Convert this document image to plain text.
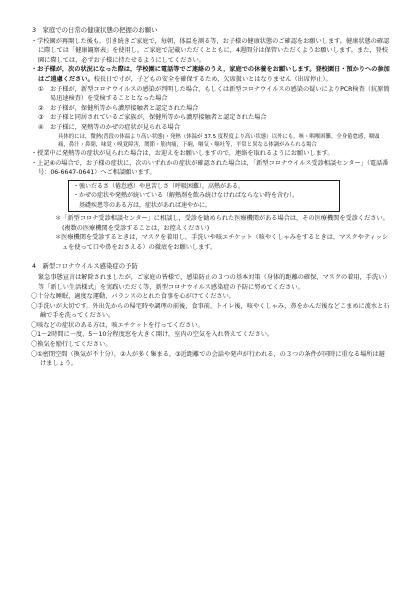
3　家庭での日常の健康状態の把握のお願い

・学校園が再開した後も，引き続きご家庭で，毎朝，体温を測る等，お子様の健康状態のご確認をお願いします。健康状態の確認に際しては「健康観察表」を使用し，ご家庭で記載いただくとともに，4週間分は保管いただくようお願いします。また，登校園に際しては，必ずお子様に持たせるようにしてください。

・お子様が，次の状況になった際は，学校園に電話等でご連絡のうえ，家庭での休養をお願いします。登校園日・預かりへの参加はご遠慮ください。校長日で寸が，子どもの安全を確保するため，欠席扱いとはなりません（出席停止）。

①	お子様が，新型コロナウイルスの感染が判明した場合，もしくは新型コロナウイルスの感染の疑いによりPCR検査（抗原簡易迅速検査）を受検することとなった場合
②	お子様が，保健所等から濃厚接触者と認定された場合
③	お子様と同居されているご家族が，保健所等から濃厚接触者と認定された場合
④	お子様に，発熱等のかぜの症状が見られる場合

具体的には，微熱(普段の体温より高い状態)・発熱（体温が 37.5 度程度より高い状態）以外にも，咳・咽喉困難，全身倦怠感，咽頭痛，鼻汁・鼻閉，味覚・嗅覚障害，関節・筋肉痛，下痢，嘔気・嘔吐等，平常と異なる体調がみられる場合

・授業中に発熱等の症状が見られた場合は，お迎えをお願いしますので，連絡を取れるようにお願いします。

・上記④の場合で，お子様の症状に，次のいずれかの症状が確認された場合は，「新型コロナウイルス受診相談センター」（電話番号：06-6647-0641）へご相談願います。

・強いだるさ（倦怠感）や息苦しさ（呼吸困難），高熱がある。
・かぜの症状や発熱が続いている（解熱剤を飲み続けなければならない時を含む）。
　基礎疾患等のある方は，症状があれば速やかに。

＊「新型コロナ受診相談センター」に相談し，受診を勧められた医療機関がある場合は，その医療機関を受診ください。(複数の医療機関を受診することは，お控えください)

＊医療機関を受診するときは，マスクを着用し，手洗いや咳エチケット（咳やくしゃみをするときは，マスクやティッシュを使って口や鼻をおさえる）の徹底をお願いします。

4　新型コロナウイルス感染症の予防

緊急事態宣言は解除されましたが，ご家庭の皆様で，感染防止の３つの基本対策（身体的距離の確保，マスクの着用，手洗い）等「新しい生活様式」を実践いただく等，新型コロナウイルス感染症の予防に努めてください。

〇十分な睡眠，適度な運動，バランスのとれた食事を心がけてください。

〇手洗いが大切です。外出先からの帰宅時や調理の前後，食事前，トイレ後，咳やくしゃみ，鼻をかんだ後などこまめに流水と石鹸で手を洗ってください。

〇咳などの症状のある方は，咳エチケットを行ってください。

〇1～2時間に一度，5～10分程度窓を大きく開け，室内の空気を入れ替えてください。

〇換気を励行してください。

〇①密閉空間（換気が不十分），②人が多く集まる，③近距離での会話や発声が行われる，の３つの条件が同時に重なる場所は避けましょう。
